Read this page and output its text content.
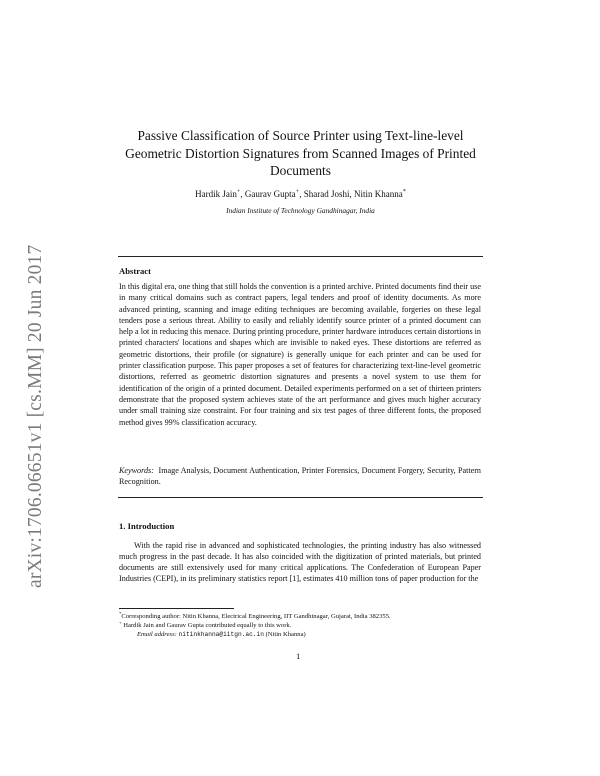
arXiv:1706.06651v1 [cs.MM] 20 Jun 2017
Passive Classification of Source Printer using Text-line-level Geometric Distortion Signatures from Scanned Images of Printed Documents
Hardik Jain+, Gaurav Gupta+, Sharad Joshi, Nitin Khanna*
Indian Institute of Technology Gandhinagar, India
Abstract

In this digital era, one thing that still holds the convention is a printed archive. Printed documents find their use in many critical domains such as contract papers, legal tenders and proof of identity documents. As more advanced printing, scanning and image editing techniques are becoming available, forgeries on these legal tenders pose a serious threat. Ability to easily and reliably identify source printer of a printed document can help a lot in reducing this menace. During printing procedure, printer hardware introduces certain distortions in printed characters' locations and shapes which are invisible to naked eyes. These distortions are referred as geometric distortions, their profile (or signature) is generally unique for each printer and can be used for printer classification purpose. This paper proposes a set of features for characterizing text-line-level geometric distortions, referred as geometric distortion signatures and presents a novel system to use them for identification of the origin of a printed document. Detailed experiments performed on a set of thirteen printers demonstrate that the proposed system achieves state of the art performance and gives much higher accuracy under small training size constraint. For four training and six test pages of three different fonts, the proposed method gives 99% classification accuracy.

Keywords: Image Analysis, Document Authentication, Printer Forensics, Document Forgery, Security, Pattern Recognition.

1. Introduction

With the rapid rise in advanced and sophisticated technologies, the printing industry has also witnessed much progress in the past decade. It has also coincided with the digitization of printed materials, but printed documents are still extensively used for many critical applications. The Confederation of European Paper Industries (CEPI), in its preliminary statistics report [1], estimates 410 million tons of paper production for the

*Corresponding author: Nitin Khanna, Electrical Engineering, IIT Gandhinagar, Gujarat, India 382355.

+ Hardik Jain and Gaurav Gupta contributed equally to this work.

Email address: nitinkhanna@iitgn.ac.in (Nitin Khanna)

1
